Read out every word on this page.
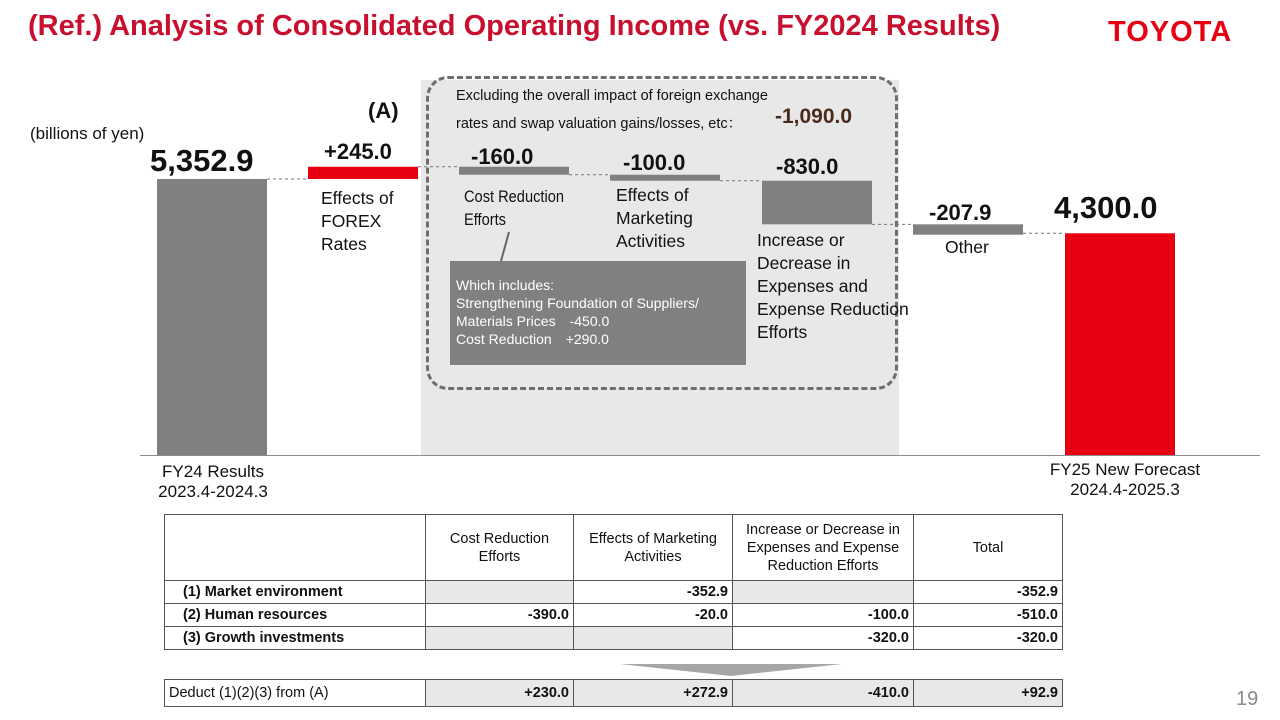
(Ref.) Analysis of Consolidated Operating Income (vs. FY2024 Results)	TOYOTA
(billions of yen)
(A)
Excluding the overall impact of foreign exchange
rates and swap valuation gains/losses, etc： -1,090.0
5,352.9	+245.0	-160.0	-100.0	-830.0
-207.9 4,300.0
Effects of
FOREX
Rates
Cost Reduction
Efforts
Effects of
Marketing
Activities	Increase or
Decrease in
Expenses and
Expense Reduction
Efforts
Other
Which includes:
Strengthening Foundation of Suppliers/
Materials Prices　-450.0
Cost Reduction　+290.0
FY24 Results
2023.4-2024.3
FY25 New Forecast
2024.4-2025.3
	Cost Reduction Efforts	Effects of Marketing Activities	Increase or Decrease in Expenses and Expense Reduction Efforts	Total
(1) Market environment		-352.9		-352.9
(2) Human resources	-390.0	-20.0	-100.0	-510.0
(3) Growth investments			-320.0	-320.0
Deduct (1)(2)(3) from (A)	+230.0	+272.9	-410.0	+92.9	19
